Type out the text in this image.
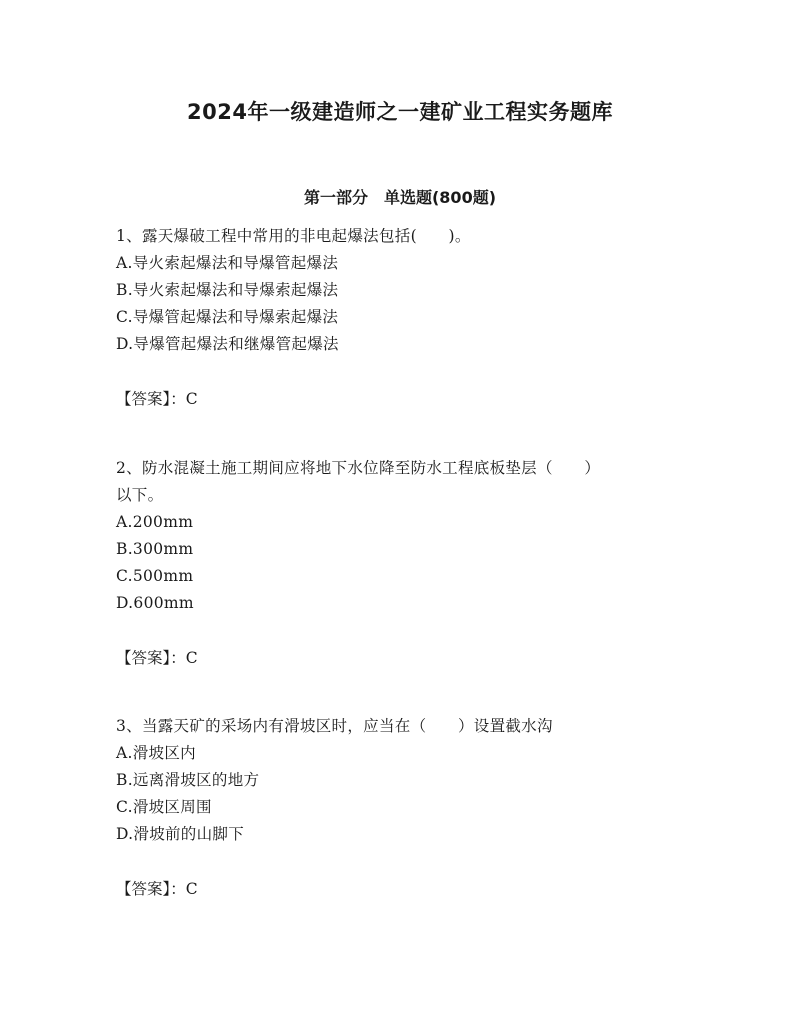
2024年一级建造师之一建矿业工程实务题库
第一部分　单选题(800题)
1、露天爆破工程中常用的非电起爆法包括(　　)。
A.导火索起爆法和导爆管起爆法
B.导火索起爆法和导爆索起爆法
C.导爆管起爆法和导爆索起爆法
D.导爆管起爆法和继爆管起爆法
【答案】：C
2、防水混凝土施工期间应将地下水位降至防水工程底板垫层（　　）
以下。
A.200mm
B.300mm
C.500mm
D.600mm
【答案】：C
3、当露天矿的采场内有滑坡区时，应当在（　　）设置截水沟
A.滑坡区内
B.远离滑坡区的地方
C.滑坡区周围
D.滑坡前的山脚下
【答案】：C
